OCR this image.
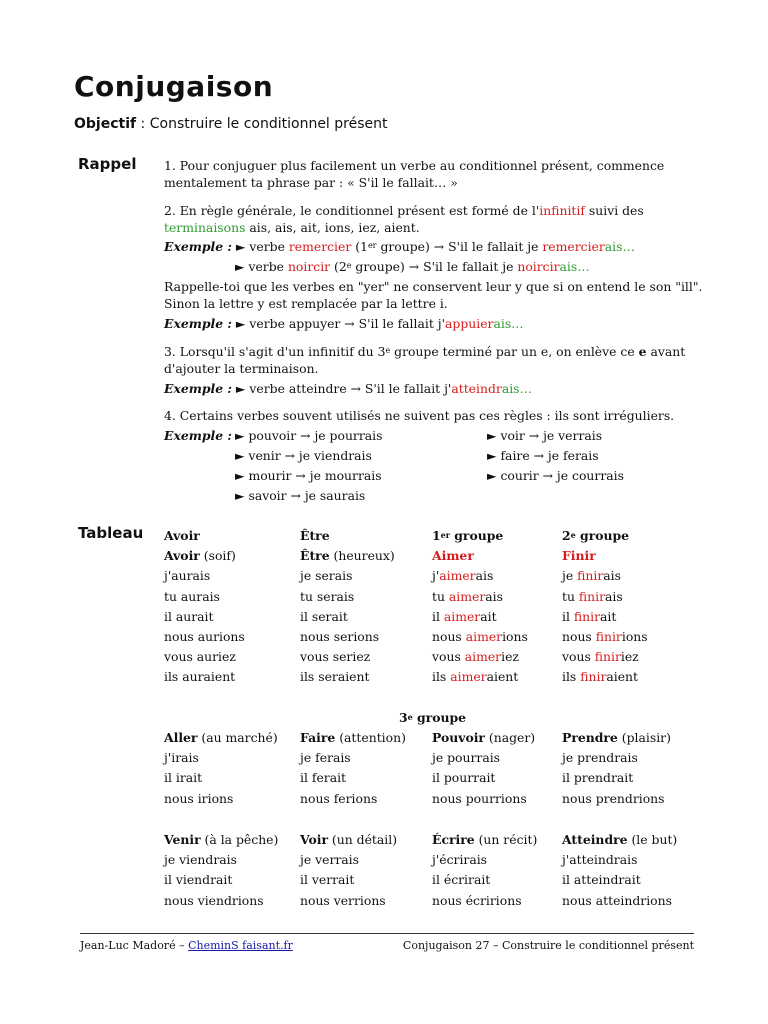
Conjugaison
Objectif : Construire le conditionnel présent
Rappel 1. Pour conjuguer plus facilement un verbe au conditionnel présent, commence mentalement ta phrase par : « S'il le fallait… »
2. En règle générale, le conditionnel présent est formé de l'infinitif suivi des terminaisons ais, ais, ait, ions, iez, aient.
Exemple : ► verbe remercier (1er groupe) → S'il le fallait je remercierais…
► verbe noircir (2e groupe) → S'il le fallait je noircirais…
Rappelle-toi que les verbes en "yer" ne conservent leur y que si on entend le son "ill". Sinon la lettre y est remplacée par la lettre i.
Exemple : ► verbe appuyer → S'il le fallait j'appuierais…
3. Lorsqu'il s'agit d'un infinitif du 3e groupe terminé par un e, on enlève ce e avant d'ajouter la terminaison.
Exemple : ► verbe atteindre → S'il le fallait j'atteindrais…
4. Certains verbes souvent utilisés ne suivent pas ces règles : ils sont irréguliers.
Exemple : ► pouvoir → je pourrais
► venir → je viendrais
► mourir → je mourrais
► savoir → je saurais
► voir → je verrais
► faire → je ferais
► courir → je courrais
Tableau Avoir
Avoir (soif)
j'aurais
tu aurais
il aurait
nous aurions
vous auriez
ils auraient
Être
Être (heureux)
je serais
tu serais
il serait
nous serions
vous seriez
ils seraient
1er groupe
Aimer
j'aimerais
tu aimerais
il aimerait
nous aimerions
vous aimeriez
ils aimeraient
2e groupe
Finir
je finirais
tu finirais
il finirait
nous finirions
vous finiriez
ils finiraient
3e groupe
Aller (au marché)
j'irais
il irait
nous irions
Faire (attention)
je ferais
il ferait
nous ferions
Pouvoir (nager)
je pourrais
il pourrait
nous pourrions
Prendre (plaisir)
je prendrais
il prendrait
nous prendrions
Venir (à la pêche)
je viendrais
il viendrait
nous viendrions
Voir (un détail)
je verrais
il verrait
nous verrions
Écrire (un récit)
j'écrirais
il écrirait
nous écririons
Atteindre (le but)
j'atteindrais
il atteindrait
nous atteindrions
Jean-Luc Madoré – CheminS faisant.fr	Conjugaison 27 – Construire le conditionnel présent
